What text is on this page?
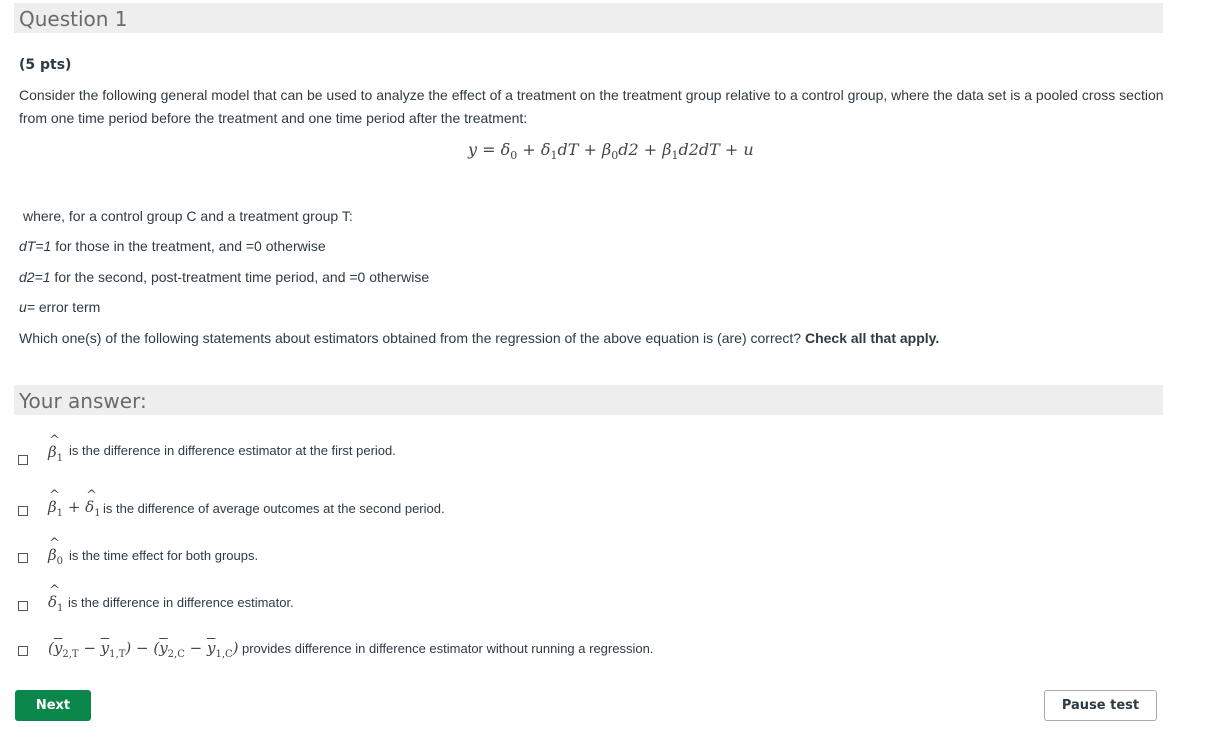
Question 1
(5 pts)
Consider the following general model that can be used to analyze the effect of a treatment on the treatment group relative to a control group, where the data set is a pooled cross section from one time period before the treatment and one time period after the treatment:
$y = \delta_0 + \delta_1dT + \beta_0d2 + \beta_1d2dT + u$
where, for a control group C and a treatment group T:
dT=1 for those in the treatment, and =0 otherwise
d2=1 for the second, post-treatment time period, and =0 otherwise
u= error term
Which one(s) of the following statements about estimators obtained from the regression of the above equation is (are) correct? Check all that apply.
Your answer:
^ $\beta_1$
is the difference in difference estimator at the first period.
^ $\beta_1$ + ^ $\delta_1$ is the difference of average outcomes at the second period.
^ $\beta_0$ is the time effect for both groups.
^ $\delta_1$ is the difference in difference estimator.
$(\overline{y}_{2,T} - \overline{y}_{1,T}) - (\overline{y}_{2,C} - \overline{y}_{1,C})$ provides difference in difference estimator without running a regression.
Next	Pause test
